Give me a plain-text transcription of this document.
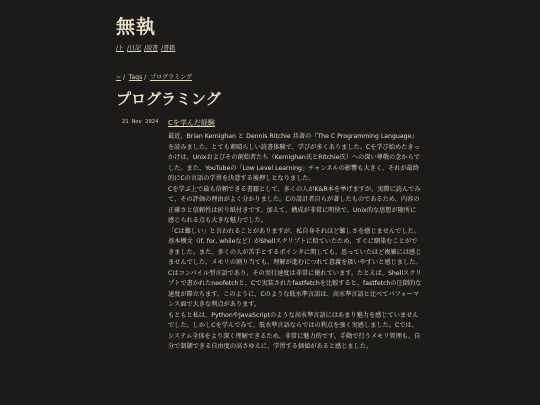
無執
/ト /日記 /読書 /書籍
~ / Tags / プログラミング
プログラミング
21 Nov 2024	Cを学んだ経験

最近、Brian Kernighan と Dennis Ritchie 共著の『The C Programming Language』を読みました。とても素晴らしい読書体験で、学びが多くありました。Cを学び始めたきっかけは、Unixおよびその創始者たち（Kernighan氏とRitchie氏）への深い尊敬の念からでした。また、YouTubeの「Low Level Learning」チャンネルの影響も大きく、それが最終的にCの言語の学習を決意する後押しとなりました。

Cを学ぶ上で最も信頼できる書籍として、多くの人がK&R本を挙げますが、実際に読んでみて、その評価の理由がよく分かりました。Cの設計者自らが著したものであるため、内容の正確さと信頼性は折り紙付きです。加えて、構成が非常に明快で、Unix的な思想が随所に感じられる点も大きな魅力でした。

「Cは難しい」と言われることがありますが、私自身それほど難しさを感じませんでした。基本構文（if, for, whileなど）がShellスクリプトに似ていたため、すぐに馴染むことができました。また、多くの人が苦手とするポインタに関しても、思っていたほど複雑には感じませんでした。メモリの割り当ても、理解が進むにつれて意義を扱いやすいと感じました。

Cはコンパイル型言語であり、その実行速度は非常に優れています。たとえば、Shellスクリプトで書かれたneofetchと、Cで実装されたfastfetchを比較すると、fastfetchの圧倒的な速度が際立ちます。このように、Cのような低水準言語は、高水準言語と比べてパフォーマンス面で大きな利点があります。

もともと私は、PythonやJavaScriptのような高水準言語にはあまり魅力を感じていませんでした。しかしCを学んでみて、低水準言語ならではの利点を強く実感しました。Cでは、システム全体をより深く理解できるため、非常に魅力的です。手動で行うメモリ管理も、自分で制御できる自由度の高さゆえに、学習する価値があると感じました。
